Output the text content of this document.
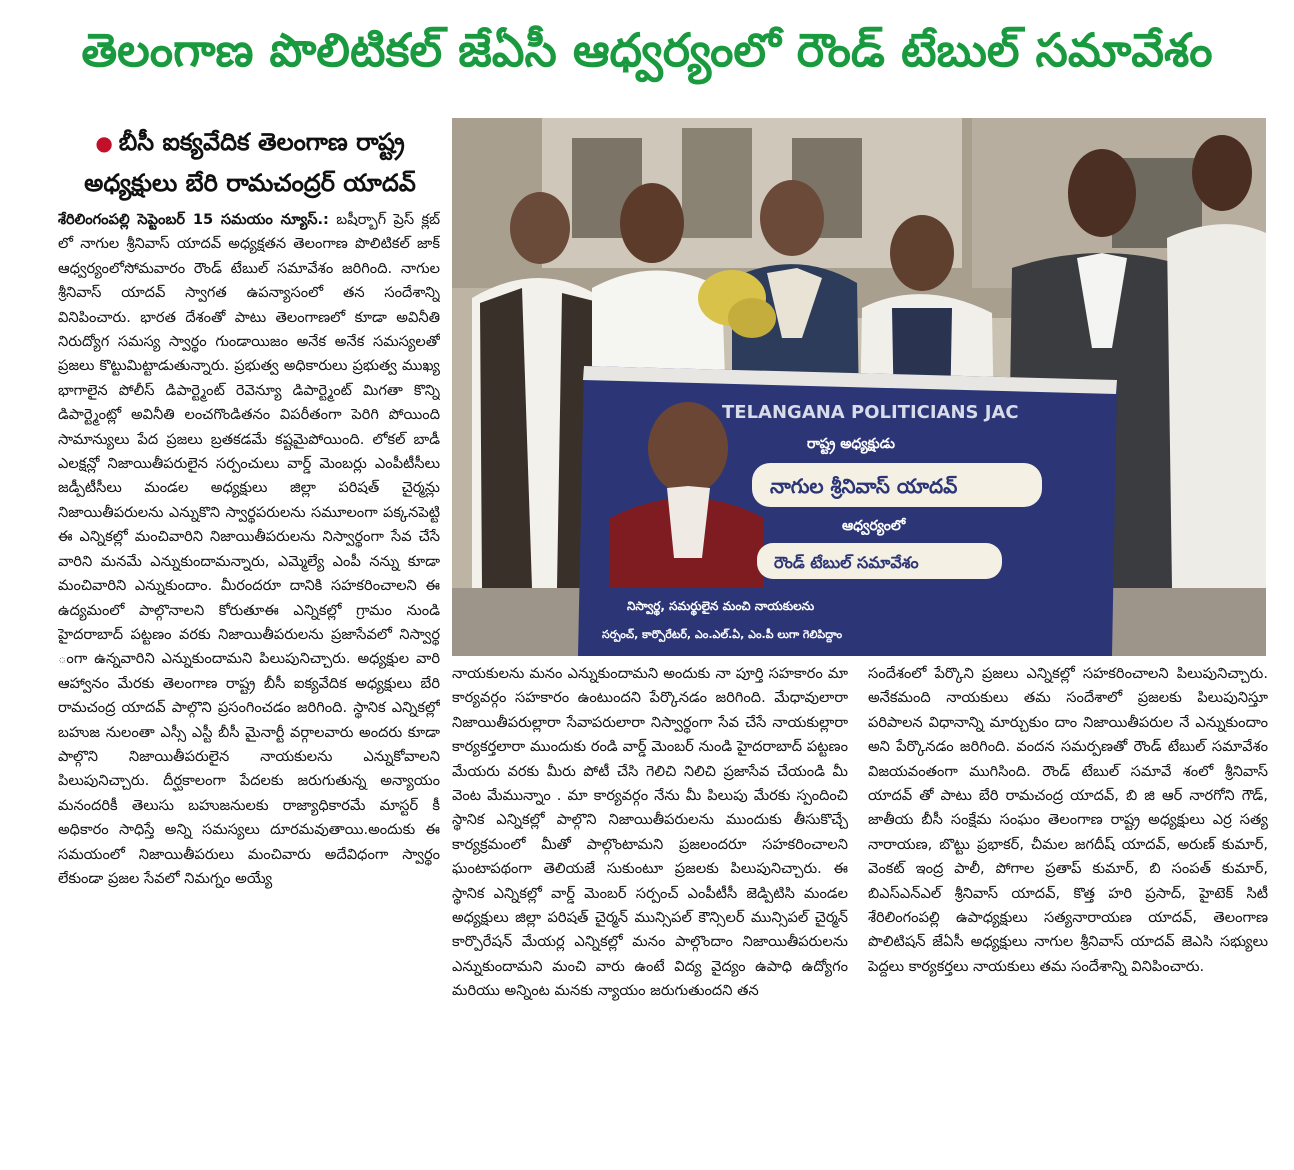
తెలంగాణ పొలిటికల్ జేఏసీ ఆధ్వర్యంలో రౌండ్ టేబుల్ సమావేశం
● బీసీ ఐక్యవేదిక తెలంగాణ రాష్ట్ర
అధ్యక్షులు బేరి రామచంద్రర్ యాదవ్

శేరిలింగంపల్లి సెప్టెంబర్ 15 సమయం న్యూస్.: బషీర్బాగ్ ప్రెస్ క్లబ్ లో నాగుల శ్రీనివాస్ యాదవ్ అధ్యక్షతన తెలంగాణ పొలిటికల్ జాక్ ఆధ్వర్యంలోసోమవారం రౌండ్ టేబుల్ సమావేశం జరిగింది. నాగుల శ్రీనివాస్ యాదవ్ స్వాగత ఉపన్యాసంలో తన సందేశాన్ని వినిపించారు. భారత దేశంతో పాటు తెలంగాణలో కూడా అవినీతి నిరుద్యోగ సమస్య స్వార్థం గుండాయిజం అనేక అనేక సమస్యలతో ప్రజలు కొట్టుమిట్టాడుతున్నారు. ప్రభుత్వ అధికారులు ప్రభుత్వ ముఖ్య భాగాలైన పోలీస్ డిపార్ట్మెంట్ రెవెన్యూ డిపార్ట్మెంట్ మిగతా కొన్ని డిపార్ట్మెంట్లో అవినీతి లంచగొండితనం విపరీతంగా పెరిగి పోయింది సామాన్యులు పేద ప్రజలు బ్రతకడమే కష్టమైపోయింది. లోకల్ బాడీ ఎలక్షన్లో నిజాయితీపరులైన సర్పంచులు వార్డ్ మెంబర్లు ఎంపీటీసీలు జడ్పీటీసీలు మండల అధ్యక్షులు జిల్లా పరిషత్ చైర్మన్లు నిజాయితీపరులను ఎన్నుకొని స్వార్థపరులను సమూలంగా పక్కనపెట్టి ఈ ఎన్నికల్లో మంచివారిని నిజాయితీపరులను నిస్వార్థంగా సేవ చేసే వారిని మనమే ఎన్నుకుందామన్నారు, ఎమ్మెల్యే ఎంపీ నన్ను కూడా మంచివారిని ఎన్నుకుందాం. మీరందరూ దానికి సహకరించాలని ఈ ఉద్యమంలో పాల్గొనాలని కోరుతూఈ ఎన్నికల్లో గ్రామం నుండి హైదరాబాద్ పట్టణం వరకు నిజాయితీపరులను ప్రజాసేవలో నిస్వార్థ ంగా ఉన్నవారిని ఎన్నుకుందామని పిలుపునిచ్చారు. అధ్యక్షుల వారి ఆహ్వానం మేరకు తెలంగాణ రాష్ట్ర బీసీ ఐక్యవేదిక అధ్యక్షులు బేరి రామచంద్ర యాదవ్ పాల్గొని ప్రసంగించడం జరిగింది. స్థానిక ఎన్నికల్లో బహుజ నులంతా ఎస్సీ ఎస్టీ బీసీ మైనార్టీ వర్గాలవారు అందరు కూడా పాల్గొని నిజాయితీపరులైన నాయకులను ఎన్నుకోవాలని పిలుపునిచ్చారు. దీర్ఘకాలంగా పేదలకు జరుగుతున్న అన్యాయం మనందరికీ తెలుసు బహుజనులకు రాజ్యాధికారమే మాస్టర్ కీ అధికారం సాధిస్తే అన్ని సమస్యలు దూరమవుతాయి.అందుకు ఈ సమయంలో నిజాయితీపరులు మంచివారు అదేవిధంగా స్వార్థం లేకుండా ప్రజల సేవలో నిమగ్నం అయ్యే

TELANGANA POLITICIANS JAC
రాష్ట్ర అధ్యక్షుడు
నాగుల శ్రీనివాస్ యాదవ్
ఆధ్వర్యంలో
రౌండ్ టేబుల్ సమావేశం
నిస్వార్థ, సమర్థులైన మంచి నాయకులను
సర్పంచ్, కార్పొరేటర్, ఎం.ఎల్.ఏ, ఎం.పీ లుగా గెలిపిద్దాం

నాయకులను మనం ఎన్నుకుందామని అందుకు నా పూర్తి సహకారం మా కార్యవర్గం సహకారం ఉంటుందని పేర్కొనడం జరిగింది. మేధావులారా నిజాయితీపరుల్లారా సేవాపరులారా నిస్వార్థంగా సేవ చేసే నాయకుల్లారా కార్యకర్తలారా ముందుకు రండి వార్డ్ మెంబర్ నుండి హైదరాబాద్ పట్టణం మేయరు వరకు మీరు పోటీ చేసి గెలిచి నిలిచి ప్రజాసేవ చేయండి మీ వెంట మేమున్నాం . మా కార్యవర్గం నేను మీ పిలుపు మేరకు స్పందించి స్థానిక ఎన్నికల్లో పాల్గొని నిజాయితీపరులను ముందుకు తీసుకొచ్చే కార్యక్రమంలో మీతో పాల్గొంటామని ప్రజలందరూ సహకరించాలని ఘంటాపథంగా తెలియజే సుకుంటూ ప్రజలకు పిలుపునిచ్చారు. ఈ స్థానిక ఎన్నికల్లో వార్డ్ మెంబర్ సర్పంచ్ ఎంపీటీసీ జెడ్పిటిసి మండల అధ్యక్షులు జిల్లా పరిషత్ చైర్మన్ మున్సిపల్ కౌన్సిలర్ మున్సిపల్ చైర్మన్ కార్పొరేషన్ మేయర్ల ఎన్నికల్లో మనం పాల్గొందాం నిజాయితీపరులను ఎన్నుకుందామని మంచి వారు ఉంటే విద్య వైద్యం ఉపాధి ఉద్యోగం మరియు అన్నింట మనకు న్యాయం జరుగుతుందని తన

సందేశంలో పేర్కొని ప్రజలు ఎన్నికల్లో సహకరించాలని పిలుపునిచ్చారు. అనేకమంది నాయకులు తమ సందేశాలో ప్రజలకు పిలుపునిస్తూ పరిపాలన విధానాన్ని మార్చుకుం దాం నిజాయితీపరుల నే ఎన్నుకుందాం అని పేర్కొనడం జరిగింది. వందన సమర్పణతో రౌండ్ టేబుల్ సమావేశం విజయవంతంగా ముగిసింది. రౌండ్ టేబుల్ సమావే శంలో శ్రీనివాస్ యాదవ్ తో పాటు బేరి రామచంద్ర యాదవ్, బి జి ఆర్ నారగోని గౌడ్, జాతీయ బీసీ సంక్షేమ సంఘం తెలంగాణ రాష్ట్ర అధ్యక్షులు ఎర్ర సత్య నారాయణ, బొట్టు ప్రభాకర్, చీమల జగదీష్ యాదవ్, అరుణ్ కుమార్, వెంకట్ ఇంద్ర పాలీ, పోగాల ప్రతాప్ కుమార్, బి సంపత్ కుమార్, బిఎస్ఎన్ఎల్ శ్రీనివాస్ యాదవ్, కొత్త హరి ప్రసాద్, హైటెక్ సిటీ శేరిలింగంపల్లి ఉపాధ్యక్షులు సత్యనారాయణ యాదవ్, తెలంగాణ పొలిటిషన్ జేఏసీ అధ్యక్షులు నాగుల శ్రీనివాస్ యాదవ్ జెఎసి సభ్యులు పెద్దలు కార్యకర్తలు నాయకులు తమ సందేశాన్ని వినిపించారు.
